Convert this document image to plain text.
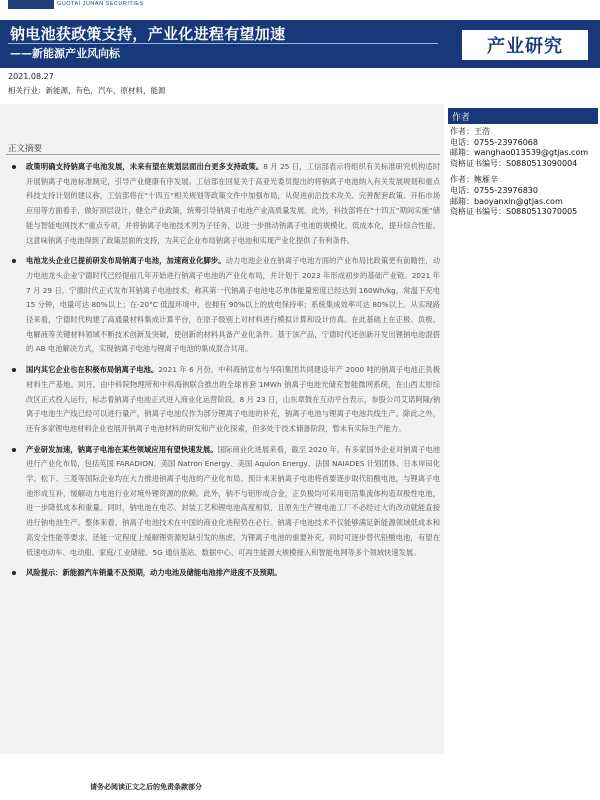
GUOTAI JUNAN SECURITIES
钠电池获政策支持，产业化进程有望加速
——新能源产业风向标	产业研究
2021.08.27
相关行业：新能源，有色，汽车，原材料，能源
正文摘要
政策明确支持钠离子电池发展，未来有望在规划层面出台更多支持政策。8 月 25 日，工信部表示将组织有关标准研究机构适时开展钠离子电池标准制定，引导产业健康有序发展。工信部在回复关于高亚光委员提出的将钠离子电池纳入有关发展规划和重点科技支持计划的建议称，工信部将在“十四五”相关规划等政策文件中加强布局，从促进前沿技术攻关、完善配套政策、开拓市场应用等方面着手，做好顶层设计，健全产业政策，统筹引导钠离子电池产业高质量发展。此外，科技部将在“十四五”期间实施“储能与智能电网技术”重点专项，并将钠离子电池技术列为子任务，以进一步推动钠离子电池的规模化、低成本化，提升综合性能。这意味钠离子电池得到了政策层面的支持，为其它企业布局钠离子电池和实现产业化提供了有利条件。
电池龙头企业已提前研发布局钠离子电池，加速商业化脚步。动力电池企业在钠离子电池方面的产业布局比政策更有前瞻性，动力电池龙头企业宁德时代已经提前几年开始进行钠离子电池的产业化布局，并计划于 2023 年形成初步的基础产业链。2021 年 7 月 29 日，宁德时代正式发布其钠离子电池技术，称其第一代钠离子电池电芯单体能量密度已经达到 160Wh/kg，常温下充电 15 分钟，电量可达 80%以上；在-20°C 低温环境中，也拥有 90%以上的放电保持率；系统集成效率可达 80%以上。从实现路径来看，宁德时代构建了高通量材料集成计算平台，在原子级别上对材料进行模拟计算和设计仿真。在此基础上在正极、负极、电解液等关键材料领域不断技术创新及突破，使创新的材料具备产业化条件。基于该产品，宁德时代还创新开发出锂钠电池混搭的 AB 电池解决方式，实现钠离子电池与锂离子电池的集成混合共用。
国内其它企业也在积极布局钠离子电池。2021 年 6 月份，中科海钠宣布与华阳集团共同建设年产 2000 吨的钠离子电池正负极材料生产基地。同月，由中科院物理所和中科海钠联合推出的全球首套 1MWh 钠离子电池光储充智能微网系统，在山西太原综改区正式投入运行，标志着钠离子电池正式进入商业化运营阶段。8 月 23 日，山东章鼓在互动平台表示，参股公司艾诺阿隆/钠离子电池生产线已经可以进行量产，钠离子电池仅作为部分锂离子电池的补充，钠离子电池与锂离子电池共线生产。除此之外，还有多家锂电池材料企业也展开钠离子电池材料的研发和产业化探索，但多处于技术储备阶段，暂未有实际生产能力。
产业研发加速，钠离子电池在某些领域应用有望快速发展。国际商业化进展来看，截至 2020 年，有多家国外企业对钠离子电池进行产业化布局，包括英国 FARADION、美国 Natron Energy、美国 Aquion Energy、法国 NAIADES 计划团体、日本岸田化学、松下、三菱等国际企业均在大力推进钠离子电池的产业化布局。预计未来钠离子电池将首要逐步取代铅酸电池，与锂离子电池形成互补，缓解动力电池行业对境外锂资源的依赖。此外，钠不与铝形成合金，正负极均可采用铝箔集流体构造双极性电池，进一步降低成本和重量。同时，钠电池在电芯、封装工艺和锂电池高度相似，且原先生产锂电池工厂不必经过大的改动就能直接进行钠电池生产。整体来看，钠离子电池技术在中国的商业化进程势在必行。钠离子电池技术不仅能够满足新能源领域低成本和高安全性能等要求，还能一定程度上缓解锂资源短缺引发的焦虑，为锂离子电池的重要补充，同时可逐步替代铅酸电池，有望在低速电动车、电动船、家庭/工业储能、5G 通信基站、数据中心、可再生能源大规模接入和智能电网等多个领域快速发展。
风险提示：新能源汽车销量不及预期，动力电池及储能电池排产进度不及预期。
作者
作者：王浩
电话：0755-23976068
邮箱：wanghao013539@gtjas.com
资格证书编号：S0880513090004
作者：鲍雁辛
电话：0755-23976830
邮箱：baoyanxin@gtjas.com
资格证书编号：S0880513070005
请务必阅读正文之后的免责条款部分
